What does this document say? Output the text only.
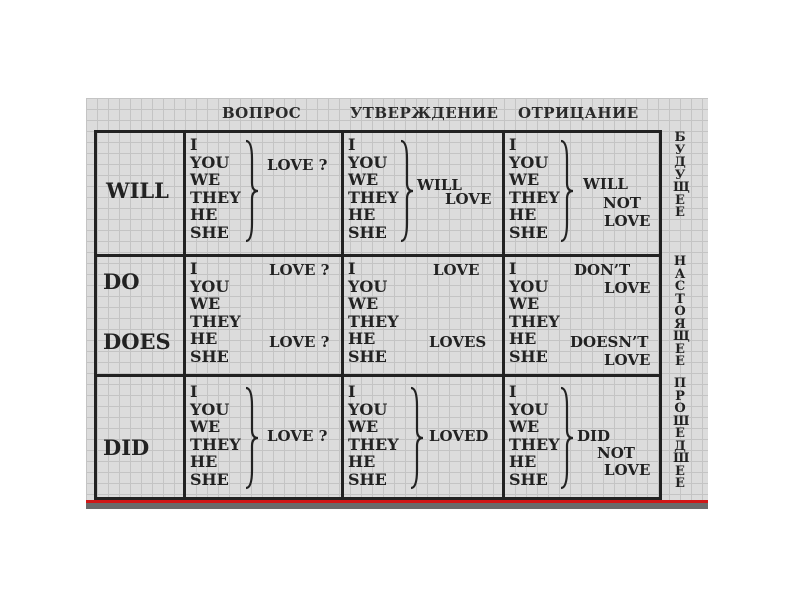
ВОПРОС	УТВЕРЖДЕНИЕ ОТРИЦАНИЕ
WILL
DO
DOES
DID
I
YOU
WE
THEY
HE
SHE
LOVE ?
I
YOU
WE
THEY
HE
SHE
WILL
LOVE
I
YOU
WE
THEY
HE
SHE
WILL
NOT
LOVE
I
YOU
WE
THEY
HE
SHE
LOVE ?
LOVE ?
I
YOU
WE
THEY
HE
SHE
LOVE
LOVES
I
YOU
WE
THEY
HE
SHE
DON’T
LOVE
DOESN’T
LOVE
I
YOU
WE
THEY
HE
SHE
LOVE ?
I
YOU
WE
THEY
HE
SHE
LOVED
I
YOU
WE
THEY
HE
SHE
DID
NOT
LOVE
Б
У
Д
У
Щ
Е
Е
Н
А
С
Т
О
Я
Щ
Е
Е
П
Р
О
Ш
Е
Д
Ш
Е
Е
